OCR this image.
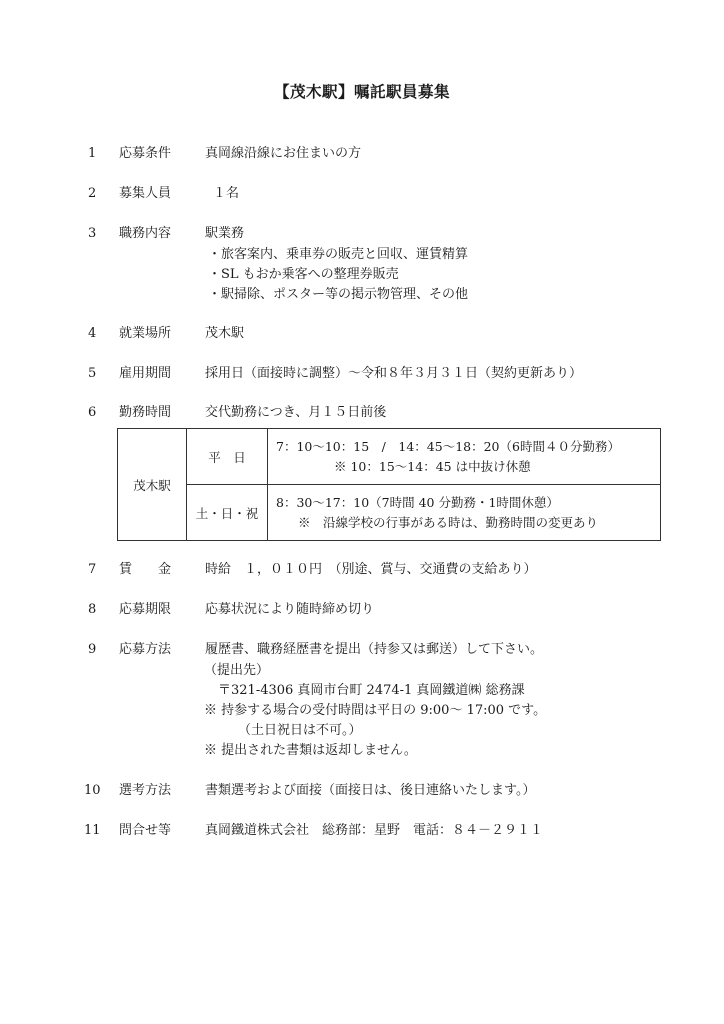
【茂木駅】嘱託駅員募集
1	応募条件	真岡線沿線にお住まいの方
2	募集人員	１名
3	職務内容	駅業務
・旅客案内、乗車券の販売と回収、運賃精算
・SL もおか乗客への整理券販売
・駅掃除、ポスター等の掲示物管理、その他
4	就業場所	茂木駅
5	雇用期間	採用日（面接時に調整）～令和８年３月３１日（契約更新あり）
6	勤務時間	交代勤務につき、月１５日前後
茂木駅	平　日	7：10～10：15　/　14：45～18：20（6時間４０分勤務）
※ 10：15～14：45 は中抜け休憩

	土・日・祝	8：30～17：10（7時間 40 分勤務・1時間休憩）
※　沿線学校の行事がある時は、勤務時間の変更あり
7	賃　　金	時給　１，０１０円　（別途、賞与、交通費の支給あり）
8	応募期限	応募状況により随時締め切り
9	応募方法	履歴書、職務経歴書を提出（持参又は郵送）して下さい。
（提出先）
〒321-4306 真岡市台町 2474-1 真岡鐵道㈱ 総務課
※ 持参する場合の受付時間は平日の 9:00～ 17:00 です。
（土日祝日は不可。）
※ 提出された書類は返却しません。
10	選考方法	書類選考および面接（面接日は、後日連絡いたします。）
11	問合せ等	真岡鐵道株式会社　総務部：星野　電話：８４－２９１１
